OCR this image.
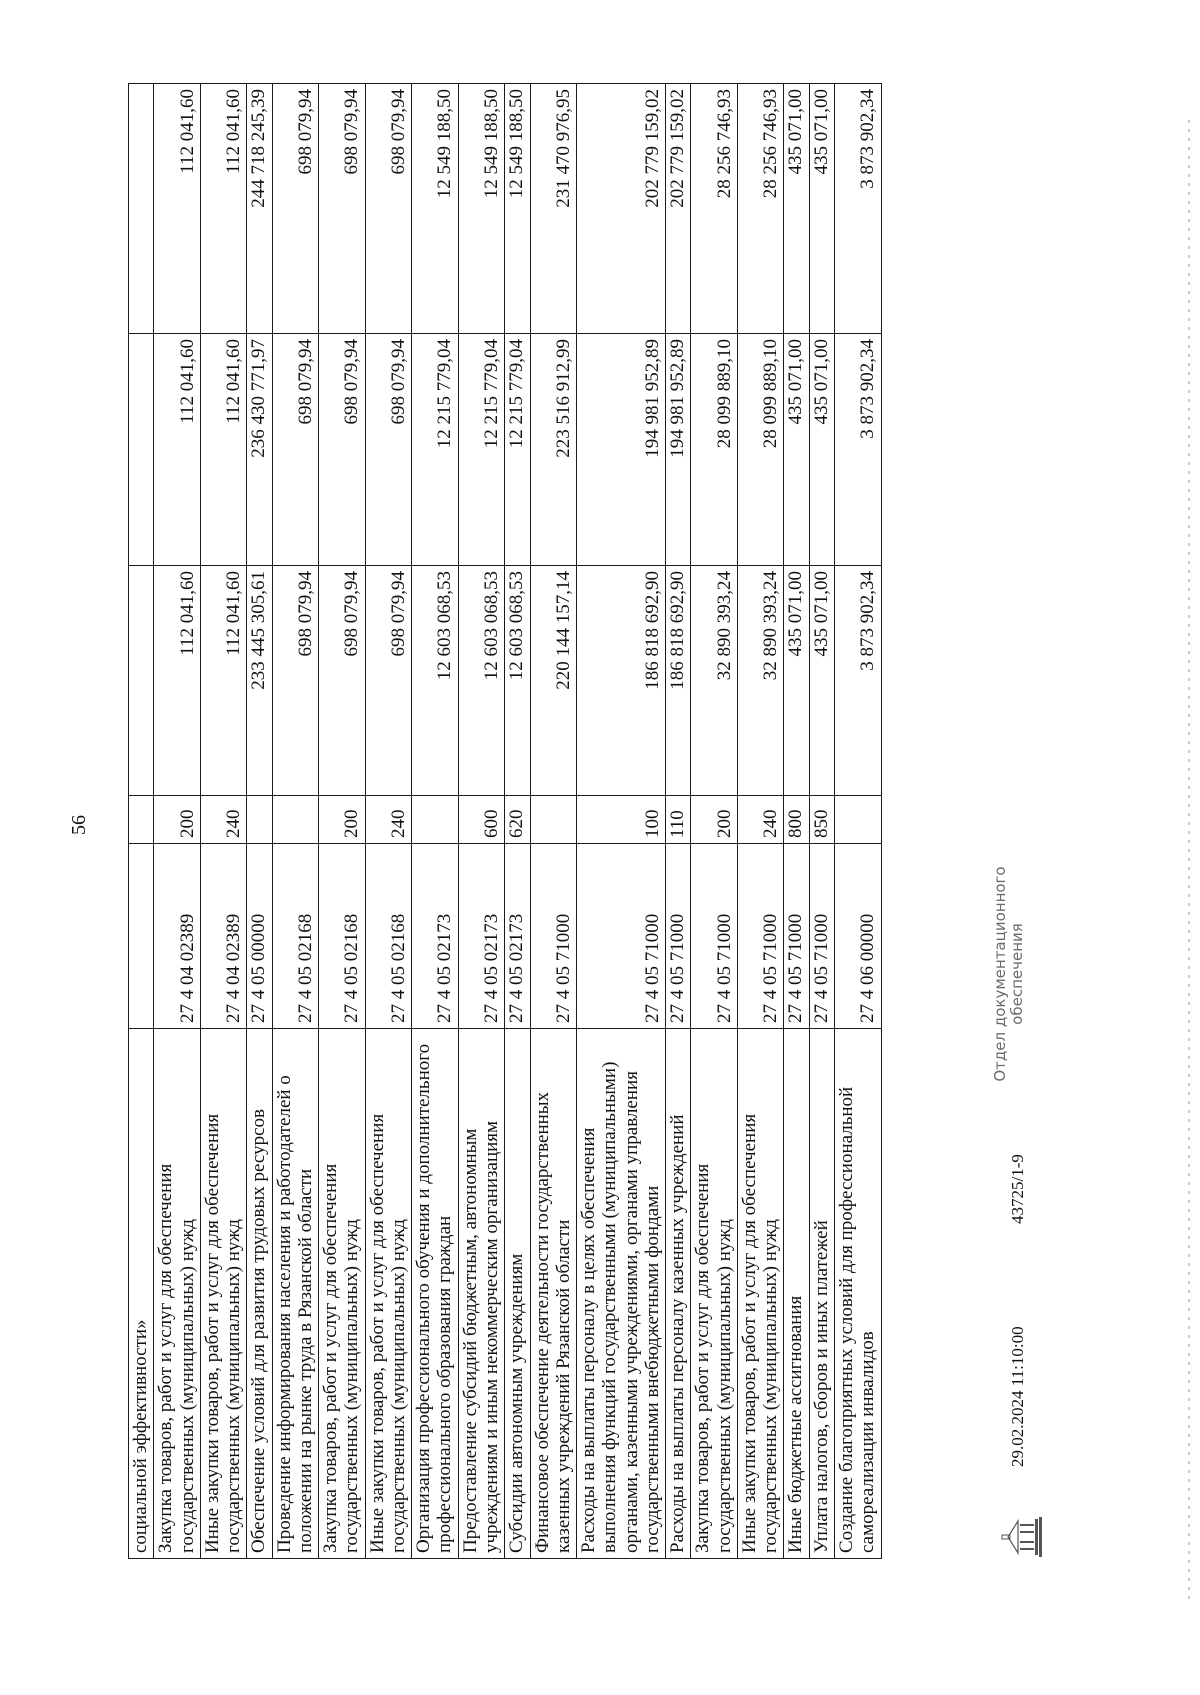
56
социальной эффективности»					
Закупка товаров, работ и услуг для обеспечения государственных (муниципальных) нужд	27 4 04 02389	200	112 041,60	112 041,60	112 041,60
Иные закупки товаров, работ и услуг для обеспечения государственных (муниципальных) нужд	27 4 04 02389	240	112 041,60	112 041,60	112 041,60
Обеспечение условий для развития трудовых ресурсов	27 4 05 00000		233 445 305,61	236 430 771,97	244 718 245,39
Проведение информирования населения и работодателей о положении на рынке труда в Рязанской области	27 4 05 02168		698 079,94	698 079,94	698 079,94
Закупка товаров, работ и услуг для обеспечения государственных (муниципальных) нужд	27 4 05 02168	200	698 079,94	698 079,94	698 079,94
Иные закупки товаров, работ и услуг для обеспечения государственных (муниципальных) нужд	27 4 05 02168	240	698 079,94	698 079,94	698 079,94
Организация профессионального обучения и дополнительного профессионального образования граждан	27 4 05 02173		12 603 068,53	12 215 779,04	12 549 188,50
Предоставление субсидий бюджетным, автономным учреждениям и иным некоммерческим организациям	27 4 05 02173	600	12 603 068,53	12 215 779,04	12 549 188,50
Субсидии автономным учреждениям	27 4 05 02173	620	12 603 068,53	12 215 779,04	12 549 188,50
Финансовое обеспечение деятельности государственных казенных учреждений Рязанской области	27 4 05 71000		220 144 157,14	223 516 912,99	231 470 976,95
Расходы на выплаты персоналу в целях обеспечения выполнения функций государственными (муниципальными) органами, казенными учреждениями, органами управления государственными внебюджетными фондами	27 4 05 71000	100	186 818 692,90	194 981 952,89	202 779 159,02
Расходы на выплаты персоналу казенных учреждений	27 4 05 71000	110	186 818 692,90	194 981 952,89	202 779 159,02
Закупка товаров, работ и услуг для обеспечения государственных (муниципальных) нужд	27 4 05 71000	200	32 890 393,24	28 099 889,10	28 256 746,93
Иные закупки товаров, работ и услуг для обеспечения государственных (муниципальных) нужд	27 4 05 71000	240	32 890 393,24	28 099 889,10	28 256 746,93
Иные бюджетные ассигнования	27 4 05 71000	800	435 071,00	435 071,00	435 071,00
Уплата налогов, сборов и иных платежей	27 4 05 71000	850	435 071,00	435 071,00	435 071,00
Создание благоприятных условий для профессиональной самореализации инвалидов	27 4 06 00000		3 873 902,34	3 873 902,34	3 873 902,34
29.02.2024 11:10:00
43725/1-9
Отдел документационного обеспечения
